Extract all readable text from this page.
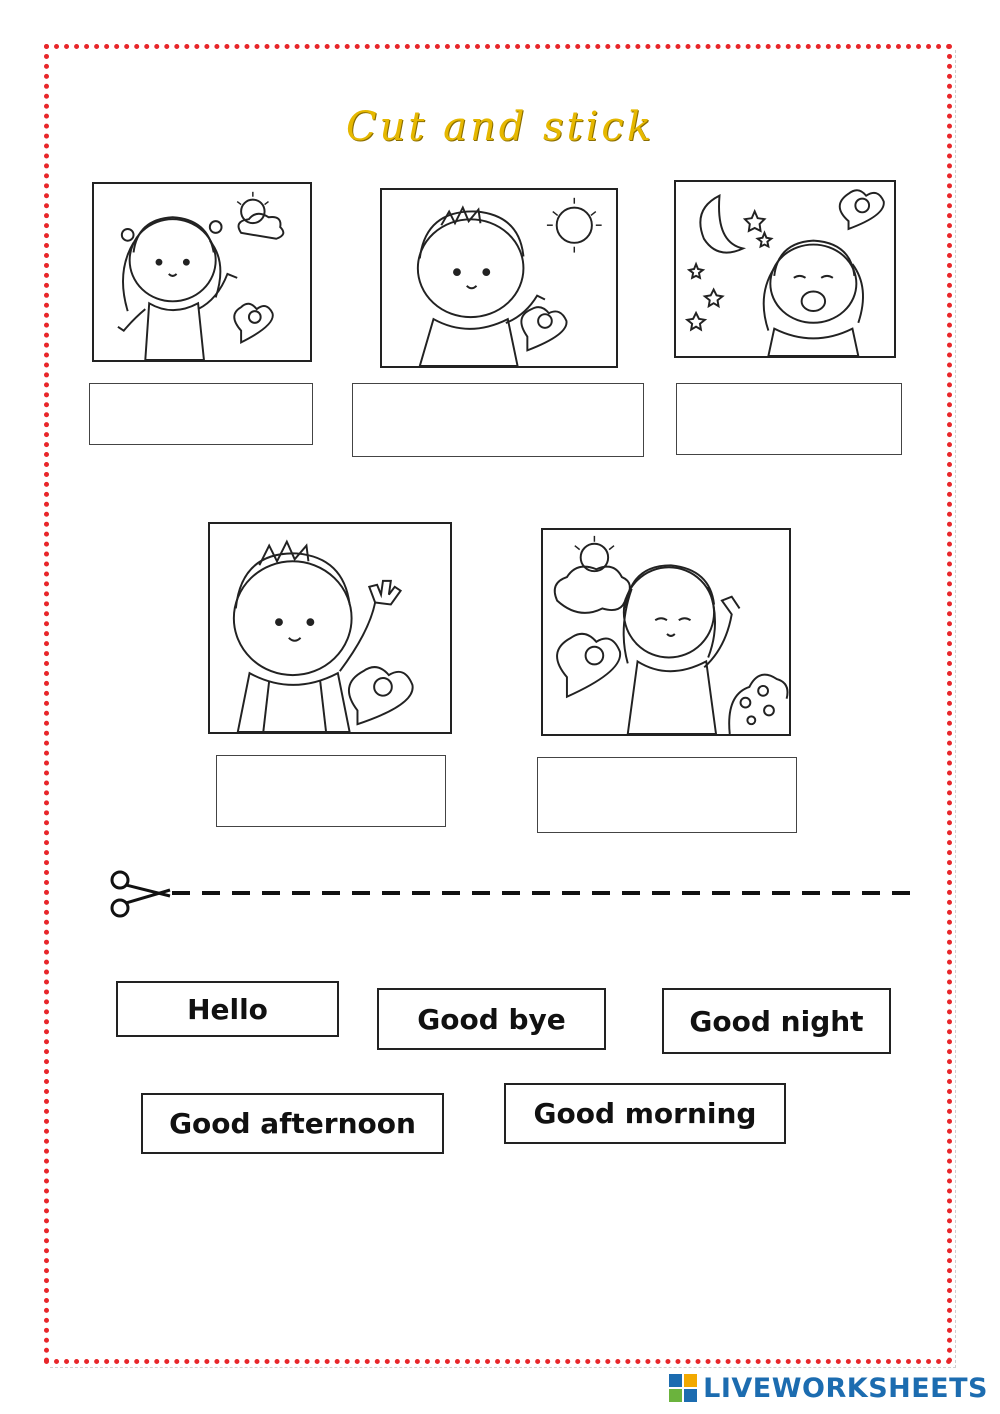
Cut and stick
Hello	Good bye	Good night
Good afternoon	Good morning
LIVEWORKSHEETS
